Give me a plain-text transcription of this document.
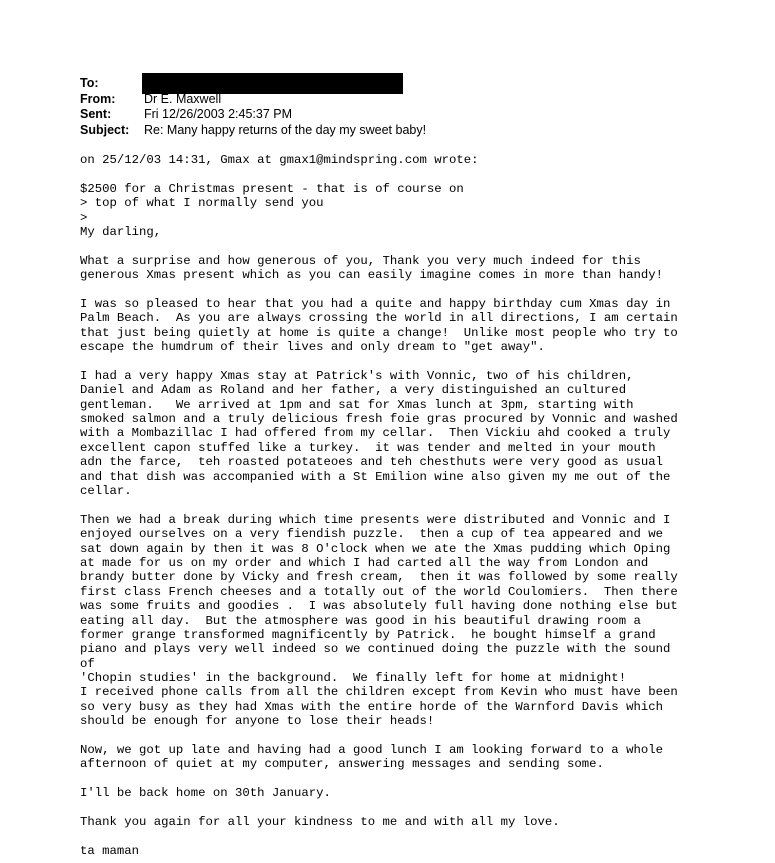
To:
From: Dr E. Maxwell
Sent:	Fri 12/26/2003 2:45:37 PM
Subject: Re: Many happy returns of the day my sweet baby!
on 25/12/03 14:31, Gmax at gmax1@mindspring.com wrote:
$2500 for a Christmas present - that is of course on
> top of what I normally send you
>
My darling,
What a surprise and how generous of you, Thank you very much indeed for this
generous Xmas present which as you can easily imagine comes in more than handy!
I was so pleased to hear that you had a quite and happy birthday cum Xmas day in
Palm Beach.  As you are always crossing the world in all directions, I am certain
that just being quietly at home is quite a change!  Unlike most people who try to
escape the humdrum of their lives and only dream to "get away".
I had a very happy Xmas stay at Patrick's with Vonnic, two of his children,
Daniel and Adam as Roland and her father, a very distinguished an cultured
gentleman.   We arrived at 1pm and sat for Xmas lunch at 3pm, starting with
smoked salmon and a truly delicious fresh foie gras procured by Vonnic and washed
with a Mombazillac I had offered from my cellar.  Then Vickiu ahd cooked a truly
excellent capon stuffed like a turkey.  it was tender and melted in your mouth
adn the farce,  teh roasted potateoes and teh chesthuts were very good as usual
and that dish was accompanied with a St Emilion wine also given my me out of the
cellar.
Then we had a break during which time presents were distributed and Vonnic and I
enjoyed ourselves on a very fiendish puzzle.  then a cup of tea appeared and we
sat down again by then it was 8 O'clock when we ate the Xmas pudding which Oping
at made for us on my order and which I had carted all the way from London and
brandy butter done by Vicky and fresh cream,  then it was followed by some really
first class French cheeses and a totally out of the world Coulomiers.  Then there
was some fruits and goodies .  I was absolutely full having done nothing else but
eating all day.  But the atmosphere was good in his beautiful drawing room a
former grange transformed magnificently by Patrick.  he bought himself a grand
piano and plays very well indeed so we continued doing the puzzle with the sound
of
'Chopin studies' in the background.  We finally left for home at midnight!
I received phone calls from all the children except from Kevin who must have been
so very busy as they had Xmas with the entire horde of the Warnford Davis which
should be enough for anyone to lose their heads!
Now, we got up late and having had a good lunch I am looking forward to a whole
afternoon of quiet at my computer, answering messages and sending some.
I'll be back home on 30th January.
Thank you again for all your kindness to me and with all my love.
ta maman
